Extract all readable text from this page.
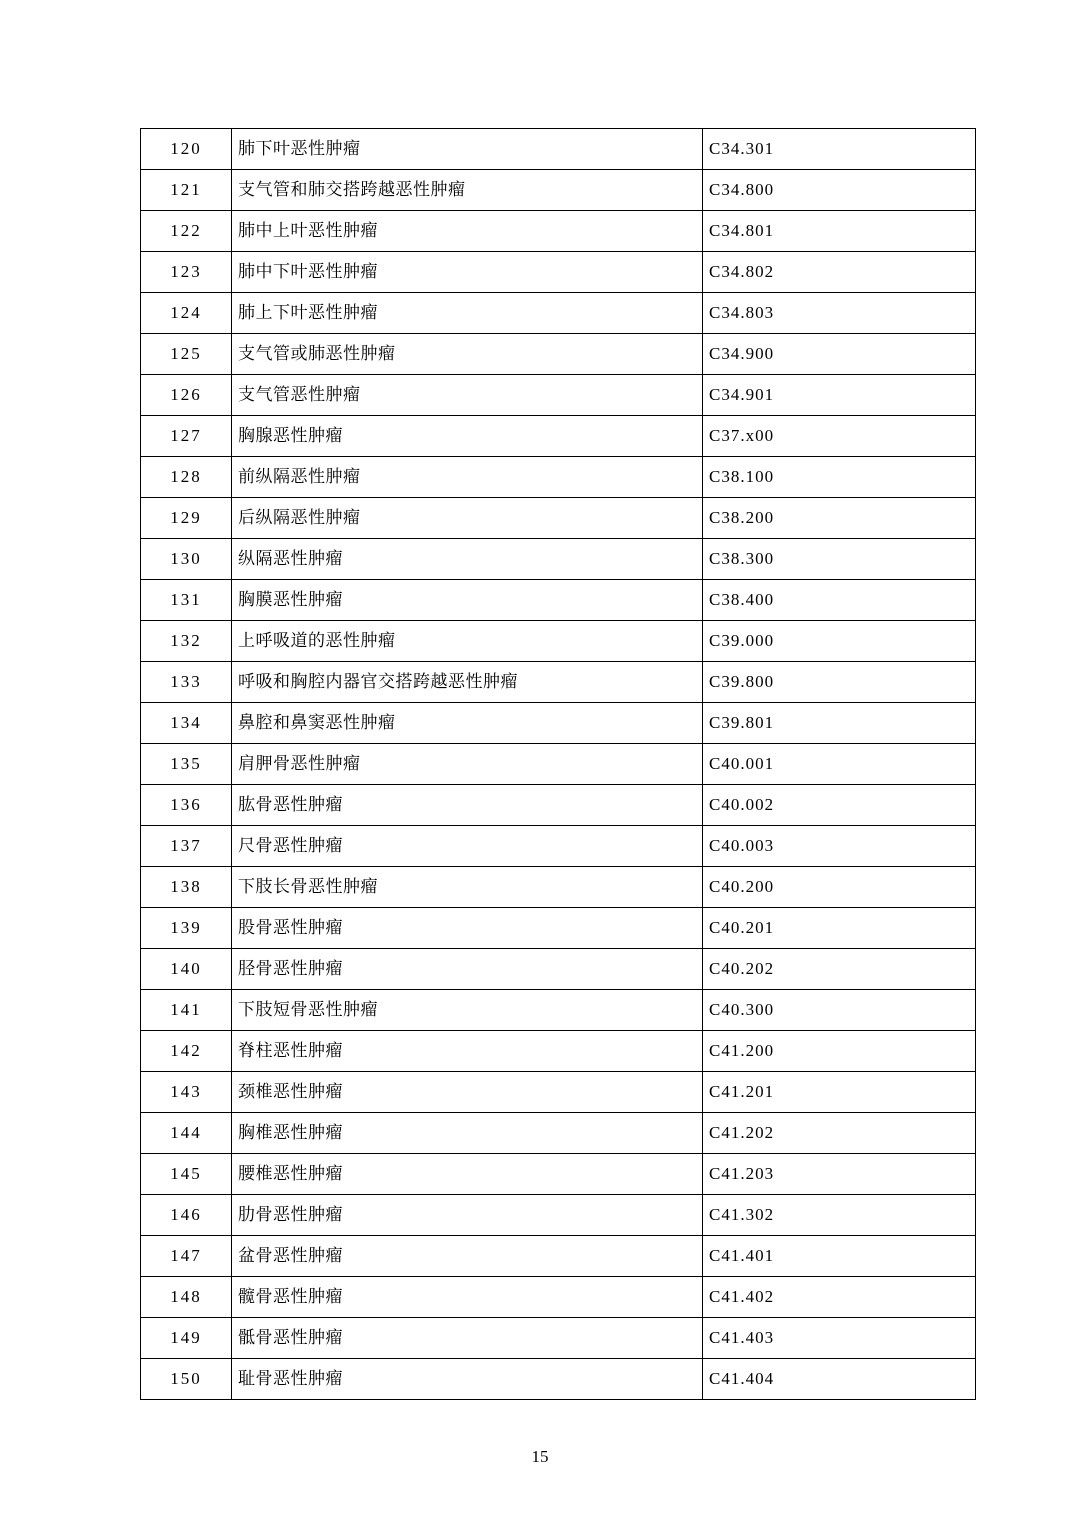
120	肺下叶恶性肿瘤	C34.301
121	支气管和肺交搭跨越恶性肿瘤	C34.800
122	肺中上叶恶性肿瘤	C34.801
123	肺中下叶恶性肿瘤	C34.802
124	肺上下叶恶性肿瘤	C34.803
125	支气管或肺恶性肿瘤	C34.900
126	支气管恶性肿瘤	C34.901
127	胸腺恶性肿瘤	C37.x00
128	前纵隔恶性肿瘤	C38.100
129	后纵隔恶性肿瘤	C38.200
130	纵隔恶性肿瘤	C38.300
131	胸膜恶性肿瘤	C38.400
132	上呼吸道的恶性肿瘤	C39.000
133	呼吸和胸腔内器官交搭跨越恶性肿瘤	C39.800
134	鼻腔和鼻窦恶性肿瘤	C39.801
135	肩胛骨恶性肿瘤	C40.001
136	肱骨恶性肿瘤	C40.002
137	尺骨恶性肿瘤	C40.003
138	下肢长骨恶性肿瘤	C40.200
139	股骨恶性肿瘤	C40.201
140	胫骨恶性肿瘤	C40.202
141	下肢短骨恶性肿瘤	C40.300
142	脊柱恶性肿瘤	C41.200
143	颈椎恶性肿瘤	C41.201
144	胸椎恶性肿瘤	C41.202
145	腰椎恶性肿瘤	C41.203
146	肋骨恶性肿瘤	C41.302
147	盆骨恶性肿瘤	C41.401
148	髋骨恶性肿瘤	C41.402
149	骶骨恶性肿瘤	C41.403
150	耻骨恶性肿瘤	C41.404
15
